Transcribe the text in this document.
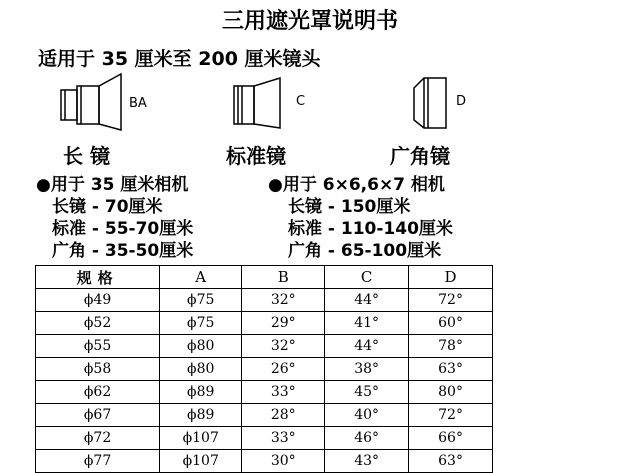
三用遮光罩说明书
适用于 35 厘米至 200 厘米镜头
BA
长 镜
C
标准镜
D
广角镜
●用于 35 厘米相机
长镜 - 70厘米
标准 - 55-70厘米
广角 - 35-50厘米
●用于 6×6,6×7 相机
长镜 - 150厘米
标准 - 110-140厘米
广角 - 65-100厘米
规格	A	B	C	D
ϕ49	ϕ75	32°	44°	72°
ϕ52	ϕ75	29°	41°	60°
ϕ55	ϕ80	32°	44°	78°
ϕ58	ϕ80	26°	38°	63°
ϕ62	ϕ89	33°	45°	80°
ϕ67	ϕ89	28°	40°	72°
ϕ72	ϕ107	33°	46°	66°
ϕ77	ϕ107	30°	43°	63°
